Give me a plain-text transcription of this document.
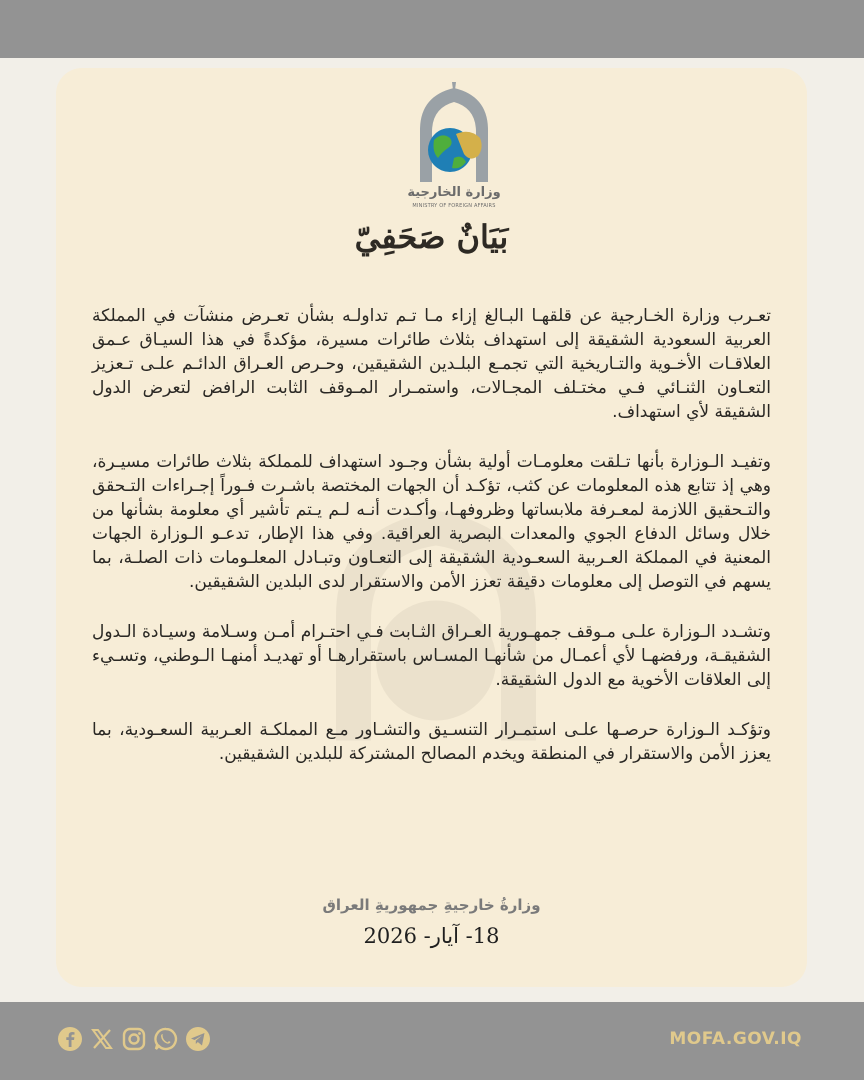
وزارة الخارجية
MINISTRY OF FOREIGN AFFAIRS
بَيَانٌ صَحَفِيّ

تعـرب وزارة الخـارجية عن قلقهـا البـالغ إزاء مـا تـم تداولـه بشأن تعـرض منشآت في المملكة العربية السعودية الشقيقة إلى استهداف بثلاث طائرات مسيرة، مؤكدةً في هذا السيـاق عـمق العلاقـات الأخـوية والتـاريخية التي تجمـع البلـدين الشقيقين، وحـرص العـراق الدائـم علـى تـعزيز التعـاون الثنـائي فـي مختـلف المجـالات، واستمـرار المـوقف الثابت الرافض لتعرض الدول الشقيقة لأي استهداف.

وتفيـد الـوزارة بأنها تـلقت معلومـات أولية بشأن وجـود استهداف للمملكة بثلاث طائرات مسيـرة، وهي إذ تتابع هذه المعلومات عن كثب، تؤكـد أن الجهات المختصة باشـرت فـوراً إجـراءات التـحقق والتـحقيق اللازمة لمعـرفة ملابساتها وظروفهـا، وأكـدت أنـه لـم يـتم تأشير أي معلومة بشأنها من خلال وسائل الدفاع الجوي والمعدات البصرية العراقية. وفي هذا الإطار، تدعـو الـوزارة الجهات المعنية في المملكة العـربية السعـودية الشقيقة إلى التعـاون وتبـادل المعلـومات ذات الصلـة، بما يسهم في التوصل إلى معلومات دقيقة تعزز الأمن والاستقرار لدى البلدين الشقيقين.

وتشـدد الـوزارة علـى مـوقف جمهـورية العـراق الثـابت فـي احتـرام أمـن وسـلامة وسيـادة الـدول الشقيقـة، ورفضهـا لأي أعمـال من شأنهـا المسـاس باستقرارهـا أو تهديـد أمنهـا الـوطني، وتسـيء إلى العلاقات الأخوية مع الدول الشقيقة.

وتؤكـد الـوزارة حرصـها علـى استمـرار التنسـيق والتشـاور مـع المملكـة العـربية السعـودية، بما يعزز الأمن والاستقرار في المنطقة ويخدم المصالح المشتركة للبلدين الشقيقين.

وزارةُ خارجيةِ جمهوريةِ العراق
18- آيار- 2026
MOFA.GOV.IQ
